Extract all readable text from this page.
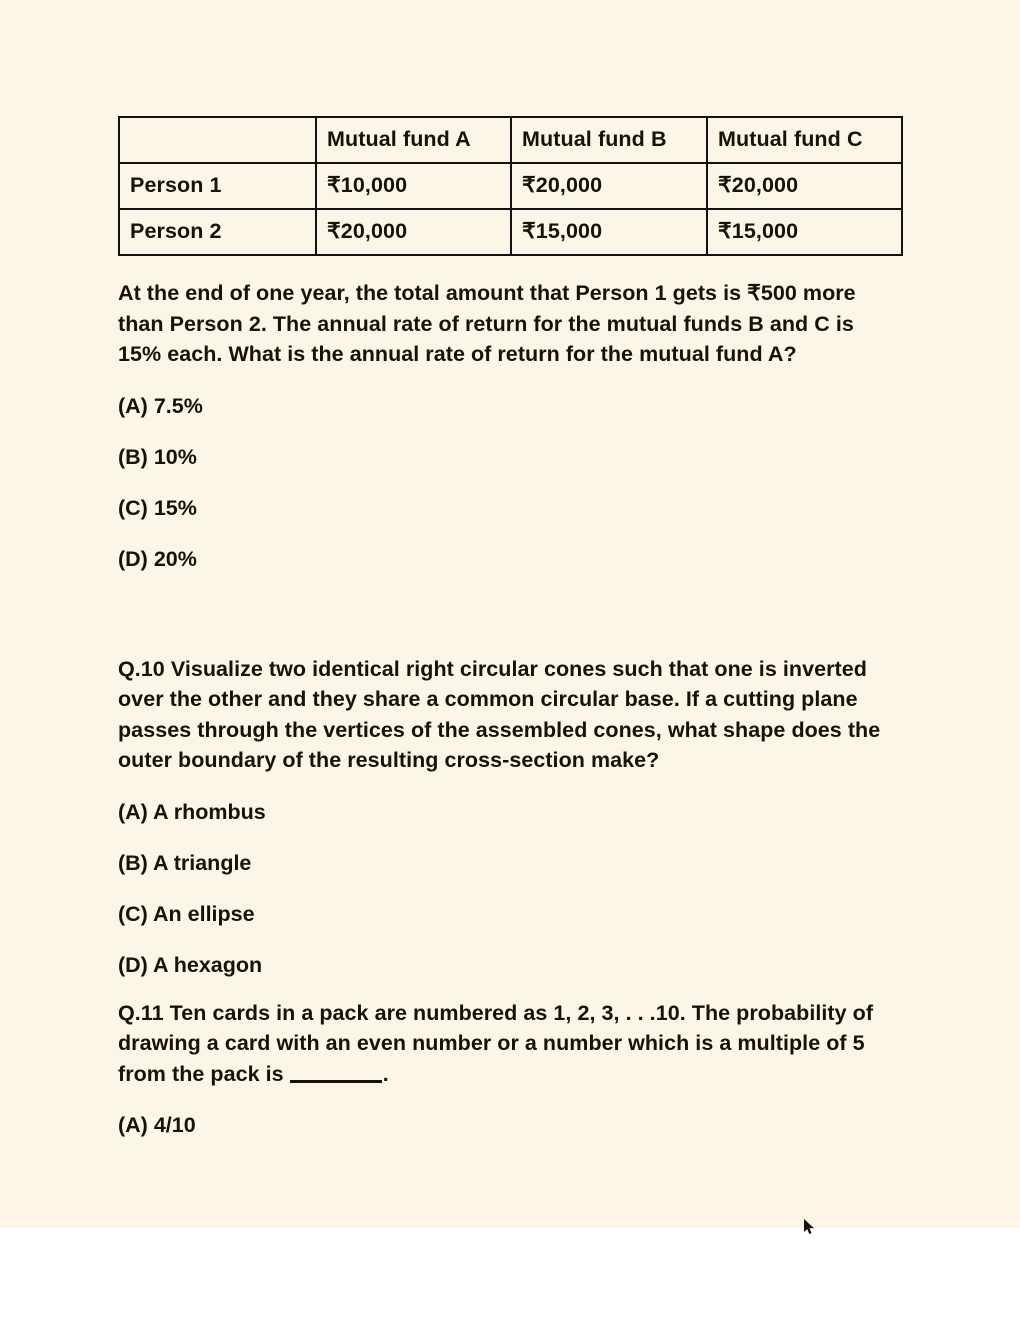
	Mutual fund A	Mutual fund B	Mutual fund C
Person 1	₹10,000	₹20,000	₹20,000
Person 2	₹20,000	₹15,000	₹15,000

At the end of one year, the total amount that Person 1 gets is ₹500 more than Person 2. The annual rate of return for the mutual funds B and C is 15% each. What is the annual rate of return for the mutual fund A?

(A) 7.5%

(B) 10%

(C) 15%

(D) 20%

Q.10 Visualize two identical right circular cones such that one is inverted over the other and they share a common circular base. If a cutting plane passes through the vertices of the assembled cones, what shape does the outer boundary of the resulting cross-section make?

(A) A rhombus

(B) A triangle

(C) An ellipse

(D) A hexagon

Q.11 Ten cards in a pack are numbered as 1, 2, 3, . . .10. The probability of drawing a card with an even number or a number which is a multiple of 5 from the pack is	.

(A) 4/10
